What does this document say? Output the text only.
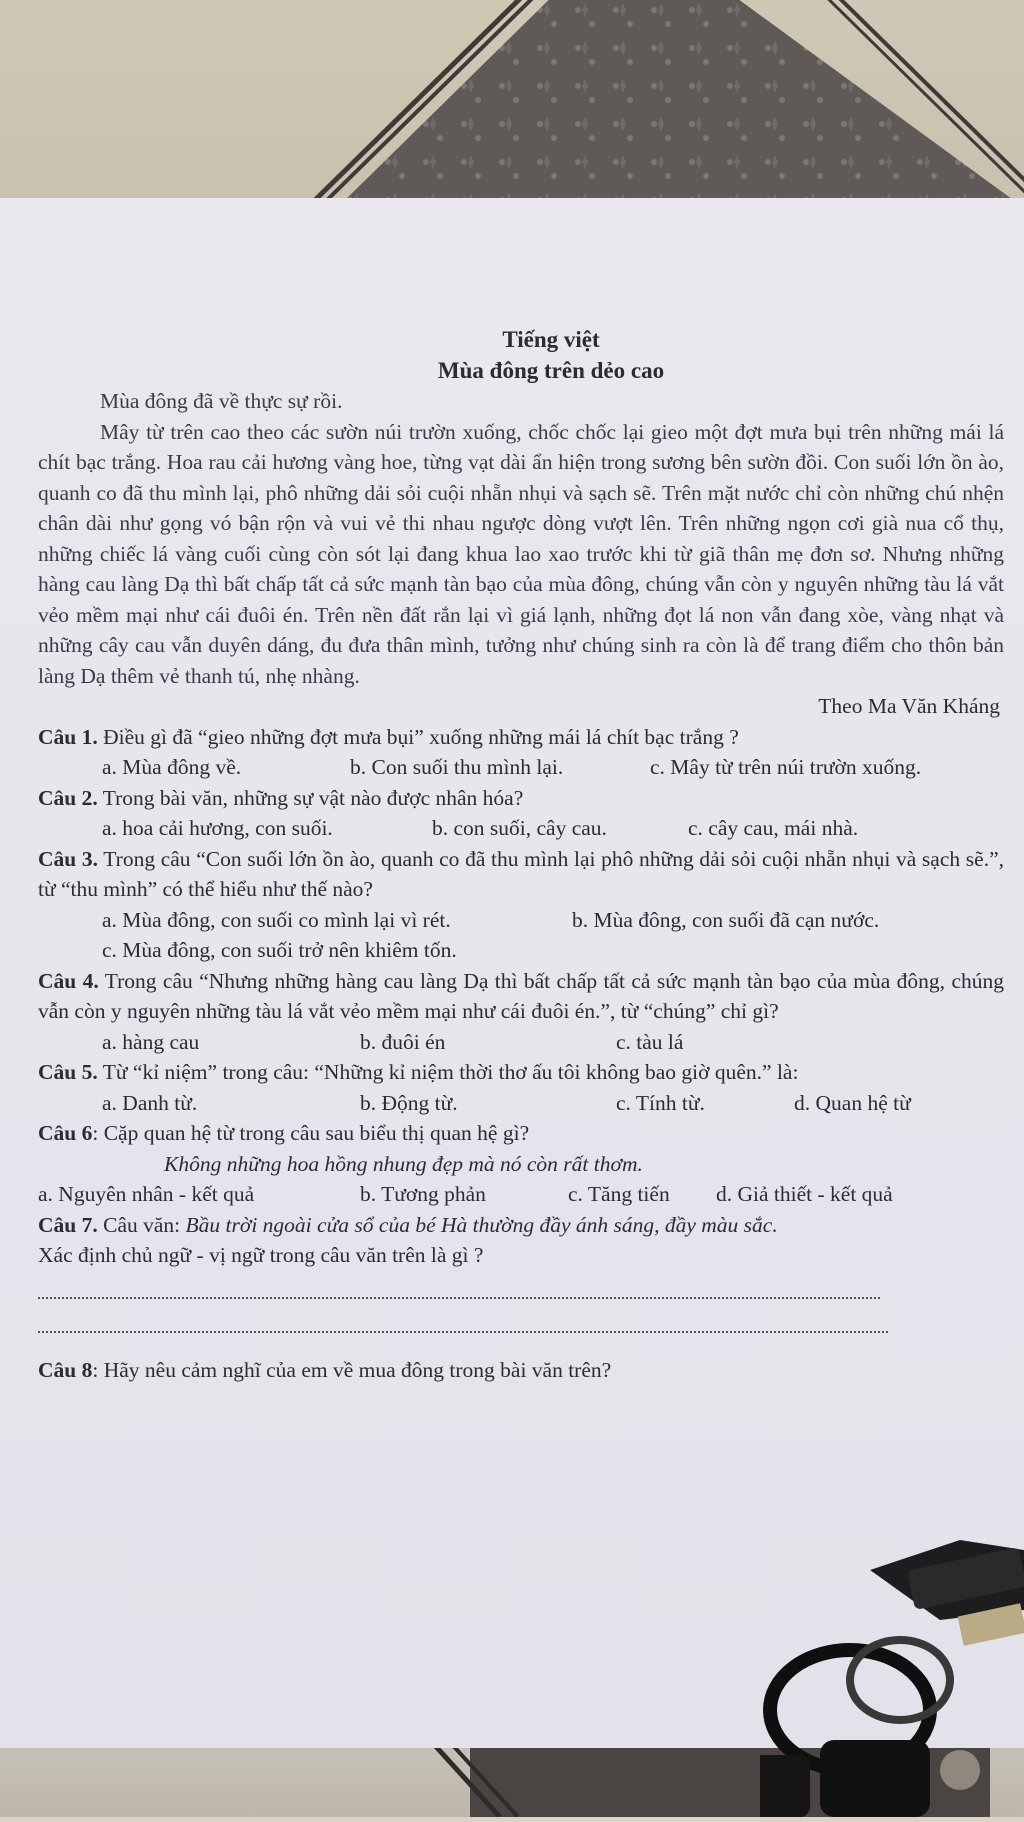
Tiếng việt
Mùa đông trên dẻo cao

Mùa đông đã về thực sự rồi.

Mây từ trên cao theo các sườn núi trườn xuống, chốc chốc lại gieo một đợt mưa bụi trên những mái lá chít bạc trắng. Hoa rau cải hương vàng hoe, từng vạt dài ẩn hiện trong sương bên sườn đồi. Con suối lớn ồn ào, quanh co đã thu mình lại, phô những dải sỏi cuội nhẵn nhụi và sạch sẽ. Trên mặt nước chỉ còn những chú nhện chân dài như gọng vó bận rộn và vui vẻ thi nhau ngược dòng vượt lên. Trên những ngọn cơi già nua cổ thụ, những chiếc lá vàng cuối cùng còn sót lại đang khua lao xao trước khi từ giã thân mẹ đơn sơ. Nhưng những hàng cau làng Dạ thì bất chấp tất cả sức mạnh tàn bạo của mùa đông, chúng vẫn còn y nguyên những tàu lá vắt vẻo mềm mại như cái đuôi én. Trên nền đất rắn lại vì giá lạnh, những đọt lá non vẫn đang xòe, vàng nhạt và những cây cau vẫn duyên dáng, đu đưa thân mình, tưởng như chúng sinh ra còn là để trang điểm cho thôn bản làng Dạ thêm vẻ thanh tú, nhẹ nhàng.

Theo Ma Văn Kháng

Câu 1. Điều gì đã “gieo những đợt mưa bụi” xuống những mái lá chít bạc trắng ?

a. Mùa đông về.	b. Con suối thu mình lại.	c. Mây từ trên núi trườn xuống.

Câu 2. Trong bài văn, những sự vật nào được nhân hóa?

a. hoa cải hương, con suối.	b. con suối, cây cau.	c. cây cau, mái nhà.

Câu 3. Trong câu “Con suối lớn ồn ào, quanh co đã thu mình lại phô những dải sỏi cuội nhẵn nhụi và sạch sẽ.”, từ “thu mình” có thể hiểu như thế nào?

a. Mùa đông, con suối co mình lại vì rét.	b. Mùa đông, con suối đã cạn nước.
c. Mùa đông, con suối trở nên khiêm tốn.

Câu 4. Trong câu “Nhưng những hàng cau làng Dạ thì bất chấp tất cả sức mạnh tàn bạo của mùa đông, chúng vẫn còn y nguyên những tàu lá vắt vẻo mềm mại như cái đuôi én.”, từ “chúng” chỉ gì?

a. hàng cau	b. đuôi én	c. tàu lá

Câu 5. Từ “kỉ niệm” trong câu: “Những kỉ niệm thời thơ ấu tôi không bao giờ quên.” là:

a. Danh từ.	b. Động từ.	c. Tính từ.	d. Quan hệ từ

Câu 6: Cặp quan hệ từ trong câu sau biểu thị quan hệ gì?

Không những hoa hồng nhung đẹp mà nó còn rất thơm.
a. Nguyên nhân - kết quả	b. Tương phản	c. Tăng tiến	d. Giả thiết - kết quả

Câu 7. Câu văn: Bầu trời ngoài cửa sổ của bé Hà thường đầy ánh sáng, đầy màu sắc.

Xác định chủ ngữ - vị ngữ trong câu văn trên là gì ?

Câu 8: Hãy nêu cảm nghĩ của em về mua đông trong bài văn trên?
